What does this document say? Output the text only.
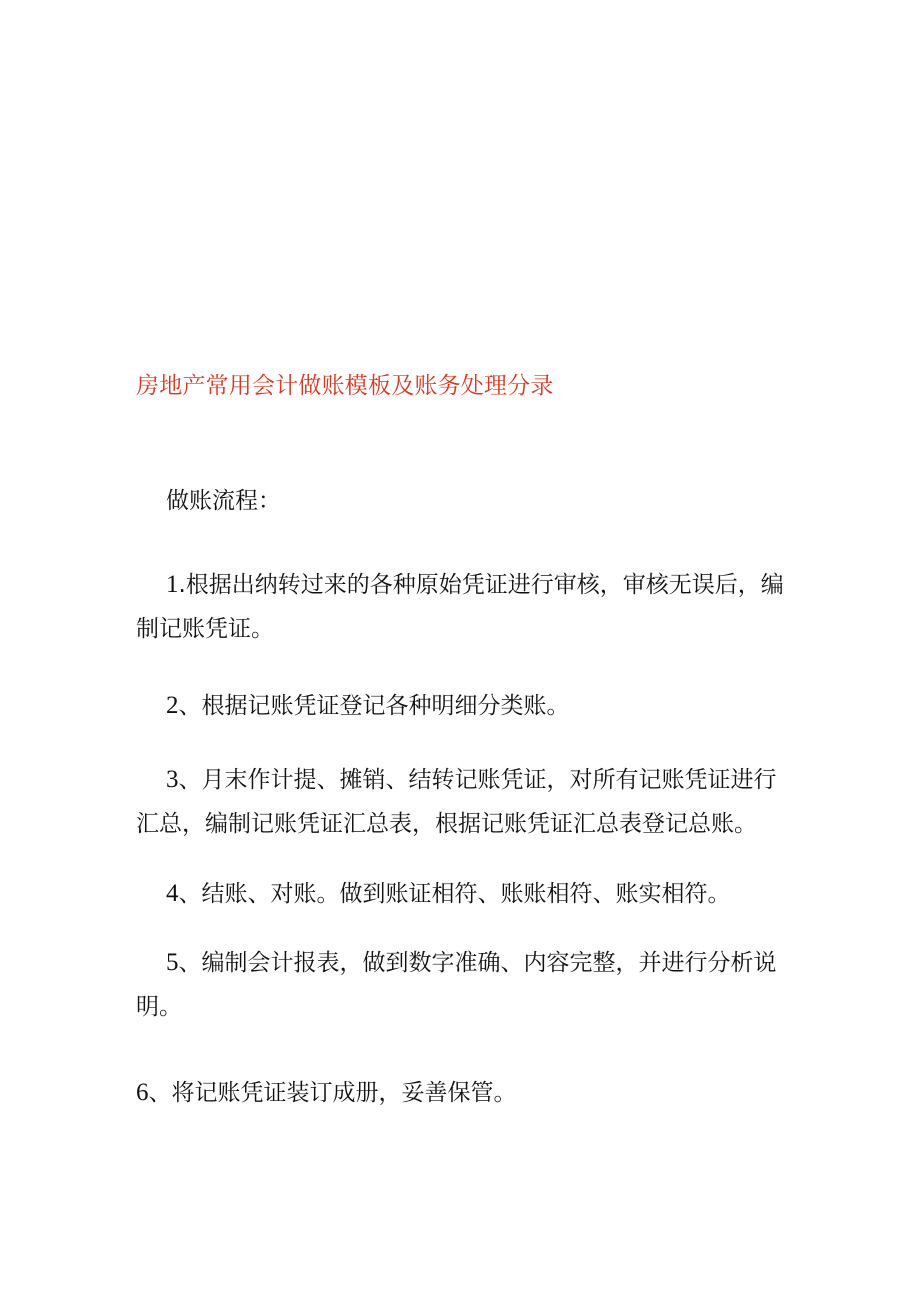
房地产常用会计做账模板及账务处理分录
做账流程：
1.根据出纳转过来的各种原始凭证进行审核，审核无误后，编
制记账凭证。
2、根据记账凭证登记各种明细分类账。
3、月末作计提、摊销、结转记账凭证，对所有记账凭证进行
汇总，编制记账凭证汇总表，根据记账凭证汇总表登记总账。
4、结账、对账。做到账证相符、账账相符、账实相符。
5、编制会计报表，做到数字准确、内容完整，并进行分析说
明。
6、将记账凭证装订成册，妥善保管。
